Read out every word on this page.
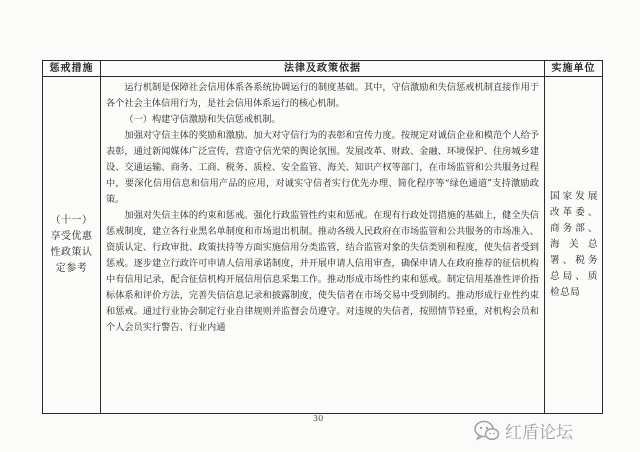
惩戒措施	法律及政策依据	实施单位

（十一）享受优惠性政策认定参考	运行机制是保障社会信用体系各系统协调运行的制度基础。其中，守信激励和失信惩戒机制直接作用于各个社会主体信用行为，是社会信用体系运行的核心机制。

（一）构建守信激励和失信惩戒机制。

加强对守信主体的奖励和激励。加大对守信行为的表彰和宣传力度。按规定对诚信企业和模范个人给予表彰，通过新闻媒体广泛宣传，营造守信光荣的舆论氛围。发展改革、财政、金融、环境保护、住房城乡建设、交通运输、商务、工商、税务、质检、安全监管、海关、知识产权等部门，在市场监管和公共服务过程中，要深化信用信息和信用产品的应用，对诚实守信者实行优先办理、简化程序等“绿色通道”支持激励政策。

加强对失信主体的约束和惩戒。强化行政监管性约束和惩戒。在现有行政处罚措施的基础上，健全失信惩戒制度，建立各行业黑名单制度和市场退出机制。推动各级人民政府在市场监管和公共服务的市场准入、资质认定、行政审批、政策扶持等方面实施信用分类监管，结合监管对象的失信类别和程度，使失信者受到惩戒。逐步建立行政许可申请人信用承诺制度，并开展申请人信用审查，确保申请人在政府推荐的征信机构中有信用记录，配合征信机构开展信用信息采集工作。推动形成市场性约束和惩戒。制定信用基准性评价指标体系和评价方法，完善失信信息记录和披露制度，使失信者在市场交易中受到制约。推动形成行业性约束和惩戒。通过行业协会制定行业自律规则并监督会员遵守。对违规的失信者，按照情节轻重，对机构会员和个人会员实行警告、行业内通	国家发展改革委、商务部、海关总署、税务总局、质检总局
30
红盾论坛
